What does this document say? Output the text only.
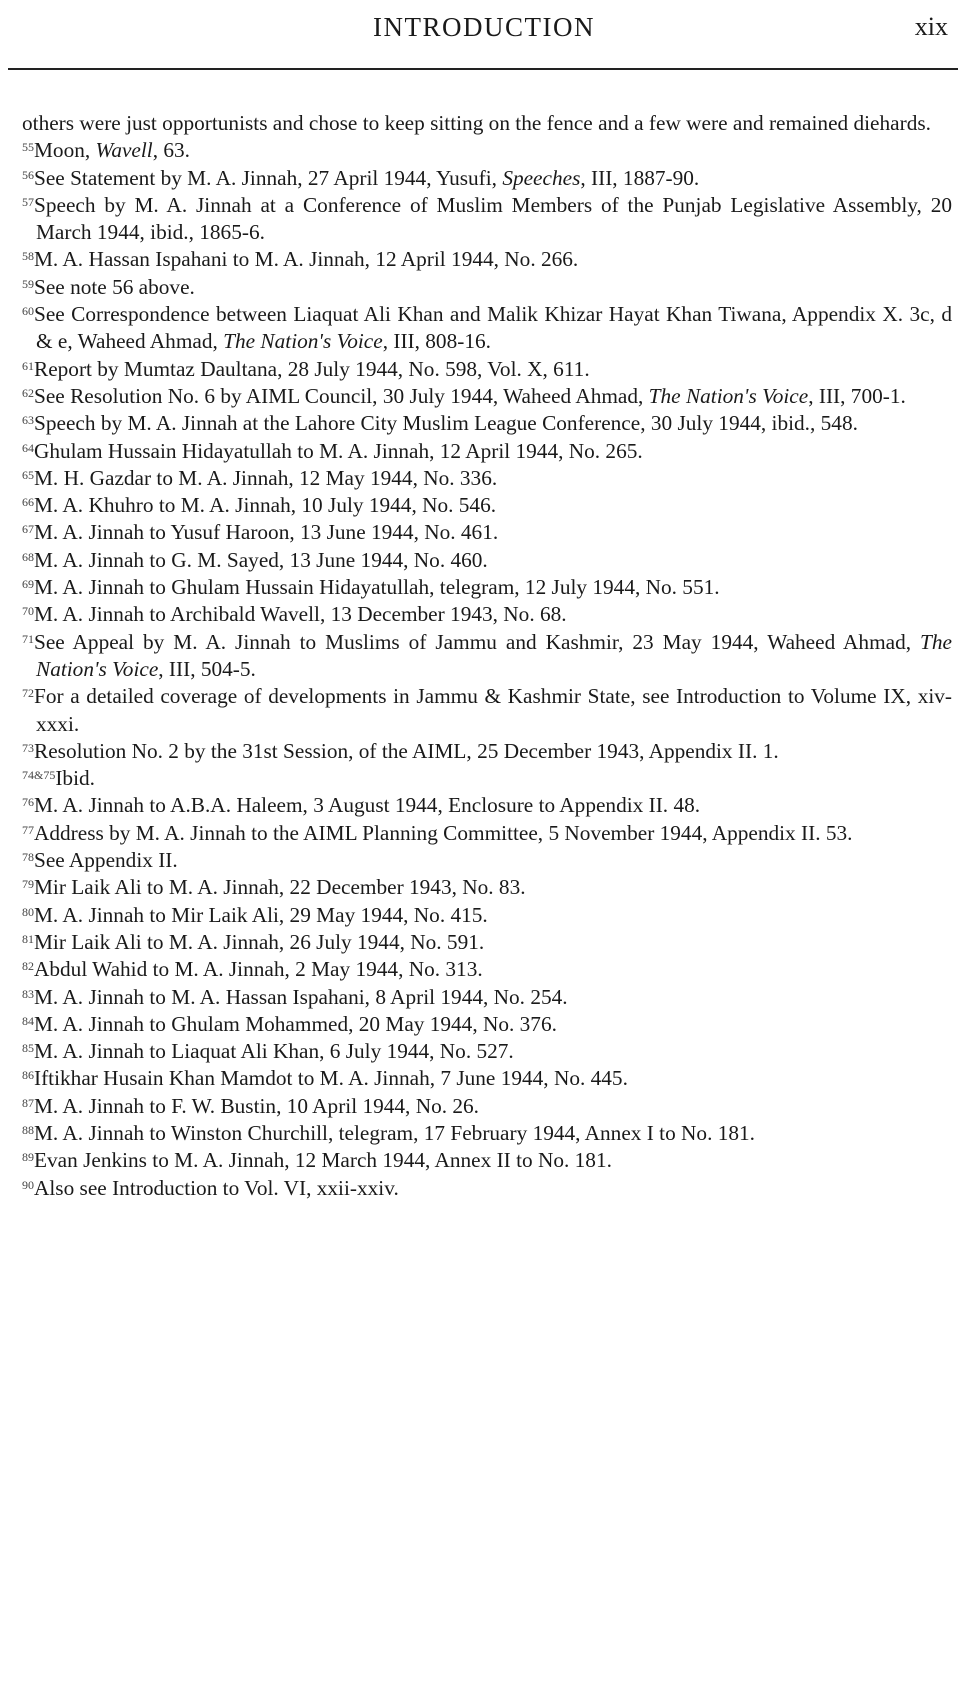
INTRODUCTION	xix

others were just opportunists and chose to keep sitting on the fence and a few were and remained diehards.

$^{55}$Moon, Wavell, 63.

$^{56}$See Statement by M. A. Jinnah, 27 April 1944, Yusufi, Speeches, III, 1887-90.

$^{57}$Speech by M. A. Jinnah at a Conference of Muslim Members of the Punjab Legislative Assembly, 20 March 1944, ibid., 1865-6.

$^{58}$M. A. Hassan Ispahani to M. A. Jinnah, 12 April 1944, No. 266.

$^{59}$See note 56 above.

$^{60}$See Correspondence between Liaquat Ali Khan and Malik Khizar Hayat Khan Tiwana, Appendix X. 3c, d & e, Waheed Ahmad, The Nation's Voice, III, 808-16.

$^{61}$Report by Mumtaz Daultana, 28 July 1944, No. 598, Vol. X, 611.

$^{62}$See Resolution No. 6 by AIML Council, 30 July 1944, Waheed Ahmad, The Nation's Voice, III, 700-1.

$^{63}$Speech by M. A. Jinnah at the Lahore City Muslim League Conference, 30 July 1944, ibid., 548.

$^{64}$Ghulam Hussain Hidayatullah to M. A. Jinnah, 12 April 1944, No. 265.

$^{65}$M. H. Gazdar to M. A. Jinnah, 12 May 1944, No. 336.

$^{66}$M. A. Khuhro to M. A. Jinnah, 10 July 1944, No. 546.

$^{67}$M. A. Jinnah to Yusuf Haroon, 13 June 1944, No. 461.

$^{68}$M. A. Jinnah to G. M. Sayed, 13 June 1944, No. 460.

$^{69}$M. A. Jinnah to Ghulam Hussain Hidayatullah, telegram, 12 July 1944, No. 551.

$^{70}$M. A. Jinnah to Archibald Wavell, 13 December 1943, No. 68.

$^{71}$See Appeal by M. A. Jinnah to Muslims of Jammu and Kashmir, 23 May 1944, Waheed Ahmad, The Nation's Voice, III, 504-5.

$^{72}$For a detailed coverage of developments in Jammu & Kashmir State, see Introduction to Volume IX, xiv-xxxi.

$^{73}$Resolution No. 2 by the 31st Session, of the AIML, 25 December 1943, Appendix II. 1.

$^{74\&75}$Ibid.

$^{76}$M. A. Jinnah to A.B.A. Haleem, 3 August 1944, Enclosure to Appendix II. 48.

$^{77}$Address by M. A. Jinnah to the AIML Planning Committee, 5 November 1944, Appendix II. 53.

$^{78}$See Appendix II.

$^{79}$Mir Laik Ali to M. A. Jinnah, 22 December 1943, No. 83.

$^{80}$M. A. Jinnah to Mir Laik Ali, 29 May 1944, No. 415.

$^{81}$Mir Laik Ali to M. A. Jinnah, 26 July 1944, No. 591.

$^{82}$Abdul Wahid to M. A. Jinnah, 2 May 1944, No. 313.

$^{83}$M. A. Jinnah to M. A. Hassan Ispahani, 8 April 1944, No. 254.

$^{84}$M. A. Jinnah to Ghulam Mohammed, 20 May 1944, No. 376.

$^{85}$M. A. Jinnah to Liaquat Ali Khan, 6 July 1944, No. 527.

$^{86}$Iftikhar Husain Khan Mamdot to M. A. Jinnah, 7 June 1944, No. 445.

$^{87}$M. A. Jinnah to F. W. Bustin, 10 April 1944, No. 26.

$^{88}$M. A. Jinnah to Winston Churchill, telegram, 17 February 1944, Annex I to No. 181.

$^{89}$Evan Jenkins to M. A. Jinnah, 12 March 1944, Annex II to No. 181.

$^{90}$Also see Introduction to Vol. VI, xxii-xxiv.
